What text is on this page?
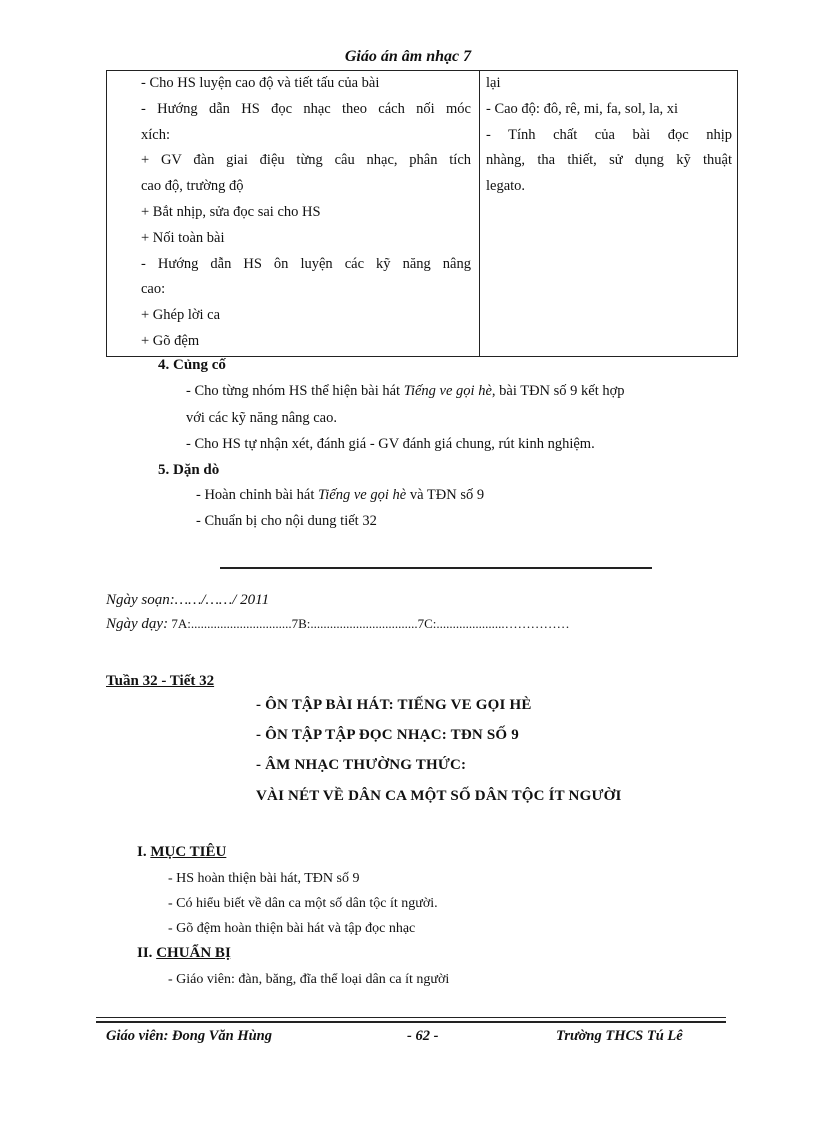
Giáo án âm nhạc 7
- Cho HS luyện cao độ và tiết tấu của bài
- Hướng dẫn HS đọc nhạc theo cách nối móc
xích:
+ GV đàn giai điệu từng câu nhạc, phân tích
cao độ, trường độ
+ Bắt nhịp, sửa đọc sai cho HS
+ Nối toàn bài
- Hướng dẫn HS ôn luyện các kỹ năng nâng
cao:
+ Ghép lời ca
+ Gõ đệm
lại
- Cao độ: đô, rê, mi, fa, sol, la, xi
- Tính chất của bài đọc nhịp
nhàng, tha thiết, sử dụng kỹ thuật
legato.
4. Củng cố
- Cho từng nhóm HS thể hiện bài hát Tiếng ve gọi hè, bài TĐN số 9 kết hợp
với các kỹ năng nâng cao.
- Cho HS tự nhận xét, đánh giá - GV đánh giá chung, rút kinh nghiệm.
5. Dặn dò
- Hoàn chỉnh bài hát Tiếng ve gọi hè và TĐN số 9
- Chuẩn bị cho nội dung tiết 32
Ngày soạn:……/……/ 2011
Ngày dạy: 7A:...............................7B:.................................7C:.....................……………
Tuần 32 - Tiết 32
- ÔN TẬP BÀI HÁT: TIẾNG VE GỌI HÈ
- ÔN TẬP TẬP ĐỌC NHẠC: TĐN SỐ 9
- ÂM NHẠC THƯỜNG THỨC:
VÀI NÉT VỀ DÂN CA MỘT SỐ DÂN TỘC ÍT NGƯỜI
I. MỤC TIÊU
- HS hoàn thiện bài hát, TĐN số 9
- Có hiểu biết về dân ca một số dân tộc ít người.
- Gõ đệm hoàn thiện bài hát và tập đọc nhạc
II. CHUẨN BỊ
- Giáo viên: đàn, băng, đĩa thể loại dân ca ít người
Giáo viên: Đong Văn Hùng	- 62 -	Trường THCS Tú Lê
